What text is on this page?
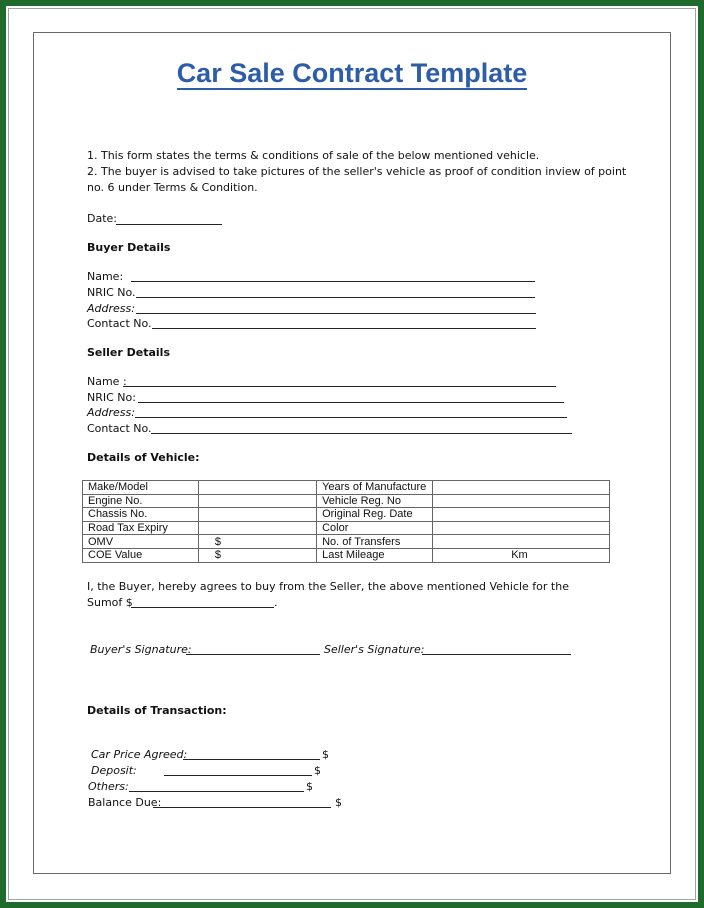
Car Sale Contract Template
1. This form states the terms & conditions of sale of the below mentioned vehicle.
2. The buyer is advised to take pictures of the seller's vehicle as proof of condition inview of point
no. 6 under Terms & Condition.
Date:
Buyer Details
Name:
NRIC No.
Address:
Contact No.
Seller Details
Name :
NRIC No:
Address:
Contact No.
Details of Vehicle:
Make/Model		Years of Manufacture	
Engine No.		Vehicle Reg. No	
Chassis No.		Original Reg. Date	
Road Tax Expiry		Color	
OMV	$	No. of Transfers	
COE Value	$	Last Mileage	Km
I, the Buyer, hereby agrees to buy from the Seller, the above mentioned Vehicle for the
Sumof $	.
Buyer's Signature:	Seller's Signature:
Details of Transaction:
Car Price Agreed:	$
Deposit:	$
Others:	$
Balance Due:	$
